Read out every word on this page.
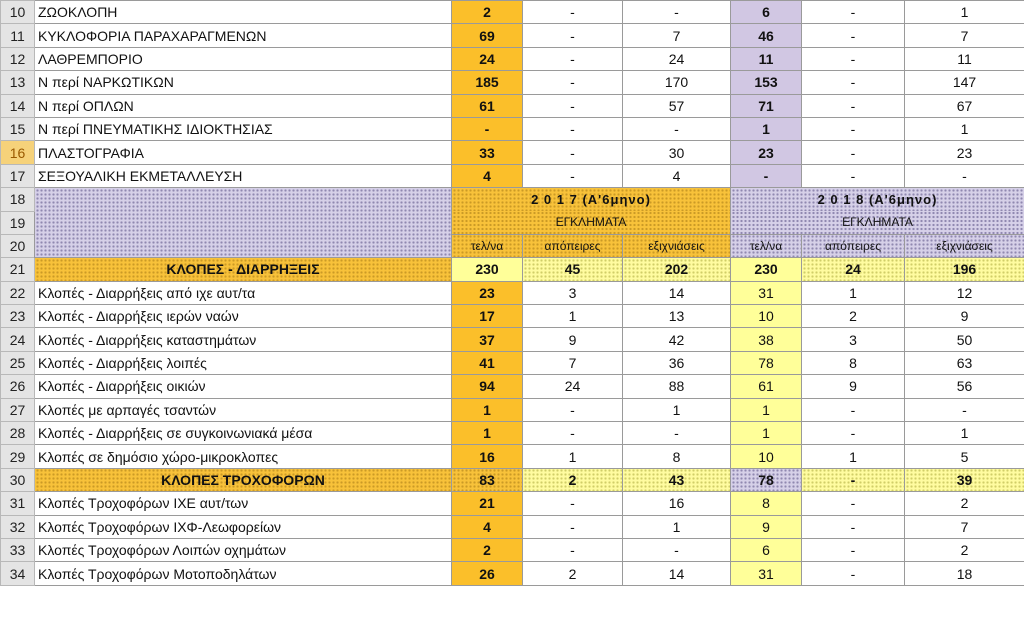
10	ΖΩΟΚΛΟΠΗ	2	-	-	6	-	1
11	ΚΥΚΛΟΦΟΡΙΑ ΠΑΡΑΧΑΡΑΓΜΕΝΩΝ	69	-	7	46	-	7
12	ΛΑΘΡΕΜΠΟΡΙΟ	24	-	24	11	-	11
13	Ν περί ΝΑΡΚΩΤΙΚΩΝ	185	-	170	153	-	147
14	Ν περί ΟΠΛΩΝ	61	-	57	71	-	67
15	Ν περί ΠΝΕΥΜΑΤΙΚΗΣ ΙΔΙΟΚΤΗΣΙΑΣ	-	-	-	1	-	1
16	ΠΛΑΣΤΟΓΡΑΦΙΑ	33	-	30	23	-	23
17	ΣΕΞΟΥΑΛΙΚΗ ΕΚΜΕΤΑΛΛΕΥΣΗ	4	-	4	-	-	-
18		2 0 1 7 (Α'6μηνο)			2 0 1 8 (Α'6μηνο)		
19		ΕΓΚΛΗΜΑΤΑ			ΕΓΚΛΗΜΑΤΑ		
20		τελ/να	απόπειρες	εξιχνιάσεις	τελ/να	απόπειρες	εξιχνιάσεις
21	ΚΛΟΠΕΣ - ΔΙΑΡΡΗΞΕΙΣ	230	45	202	230	24	196
22	Κλοπές - Διαρρήξεις από ιχε αυτ/τα	23	3	14	31	1	12
23	Κλοπές - Διαρρήξεις ιερών ναών	17	1	13	10	2	9
24	Κλοπές - Διαρρήξεις καταστημάτων	37	9	42	38	3	50
25	Κλοπές - Διαρρήξεις λοιπές	41	7	36	78	8	63
26	Κλοπές - Διαρρήξεις οικιών	94	24	88	61	9	56
27	Κλοπές με αρπαγές τσαντών	1	-	1	1	-	-
28	Κλοπές - Διαρρήξεις σε συγκοινωνιακά μέσα	1	-	-	1	-	1
29	Κλοπές σε δημόσιο χώρο-μικροκλοπες	16	1	8	10	1	5
30	ΚΛΟΠΕΣ ΤΡΟΧΟΦΟΡΩΝ	83	2	43	78	-	39
31	Κλοπές Τροχοφόρων ΙΧΕ αυτ/των	21	-	16	8	-	2
32	Κλοπές Τροχοφόρων ΙΧΦ-Λεωφορείων	4	-	1	9	-	7
33	Κλοπές Τροχοφόρων Λοιπών οχημάτων	2	-	-	6	-	2
34	Κλοπές Τροχοφόρων Μοτοποδηλάτων	26	2	14	31	-	18
